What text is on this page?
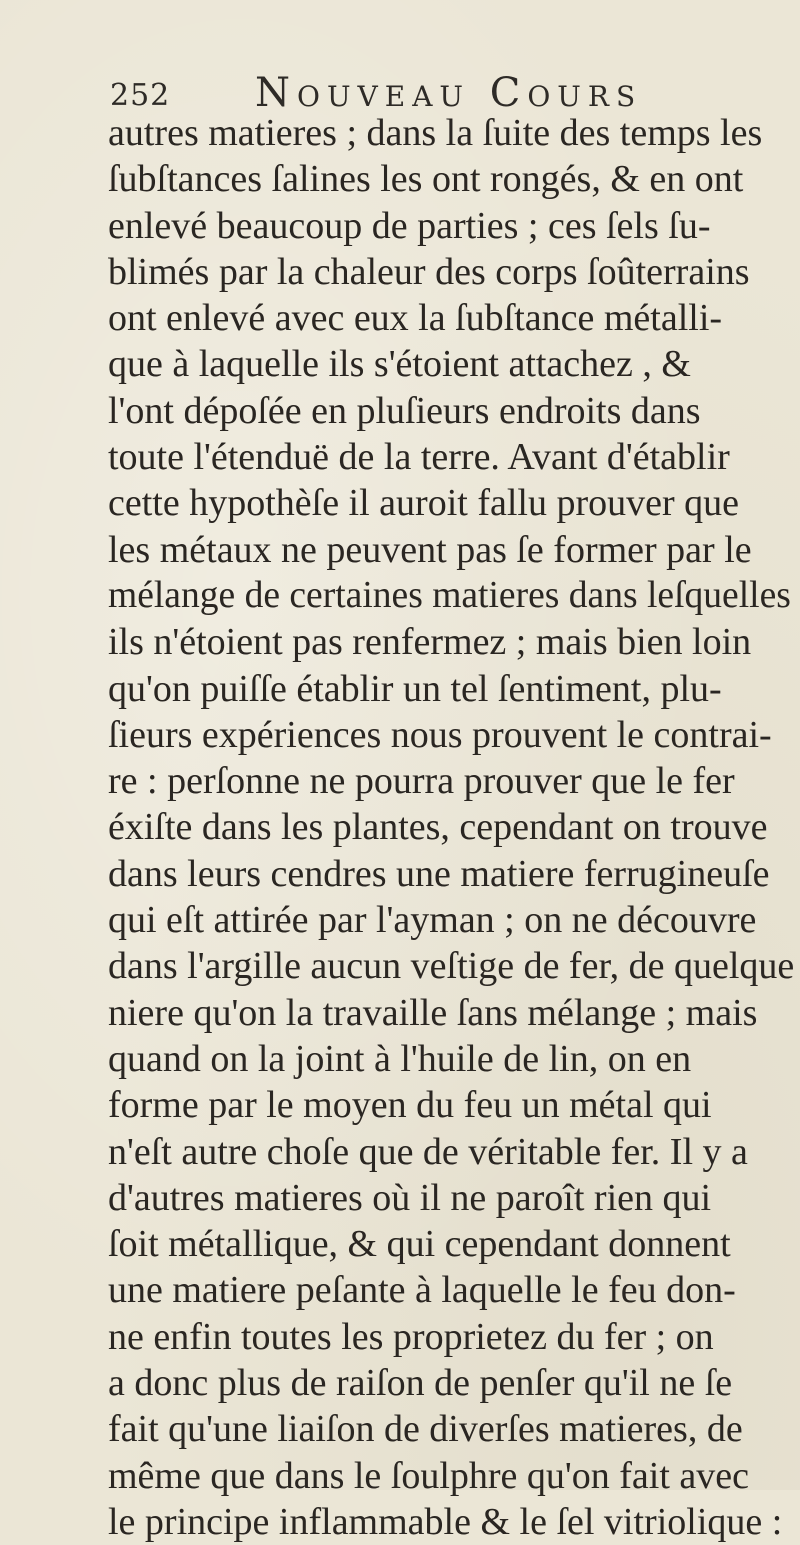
252 Nouveau Cours
autres matieres ; dans la ſuite des temps les
ſubſtances ſalines les ont rongés, & en ont
enlevé beaucoup de parties ; ces ſels ſu-
blimés par la chaleur des corps ſoûterrains
ont enlevé avec eux la ſubſtance métalli-
que à laquelle ils s'étoient attachez , &
l'ont dépoſée en pluſieurs endroits dans
toute l'étenduë de la terre. Avant d'établir
cette hypothèſe il auroit fallu prouver que
les métaux ne peuvent pas ſe former par le
mélange de certaines matieres dans leſquelles
ils n'étoient pas renfermez ; mais bien loin
qu'on puiſſe établir un tel ſentiment, plu-
ſieurs expériences nous prouvent le contrai-
re : perſonne ne pourra prouver que le fer
éxiſte dans les plantes, cependant on trouve
dans leurs cendres une matiere ferrugineuſe
qui eſt attirée par l'ayman ; on ne découvre
dans l'argille aucun veſtige de fer, de quelque
niere qu'on la travaille ſans mélange ; mais
quand on la joint à l'huile de lin, on en
forme par le moyen du feu un métal qui
n'eſt autre choſe que de véritable fer. Il y a
d'autres matieres où il ne paroît rien qui
ſoit métallique, & qui cependant donnent
une matiere peſante à laquelle le feu don-
ne enfin toutes les proprietez du fer ; on
a donc plus de raiſon de penſer qu'il ne ſe
fait qu'une liaiſon de diverſes matieres, de
même que dans le ſoulphre qu'on fait avec
le principe inflammable & le ſel vitriolique :
